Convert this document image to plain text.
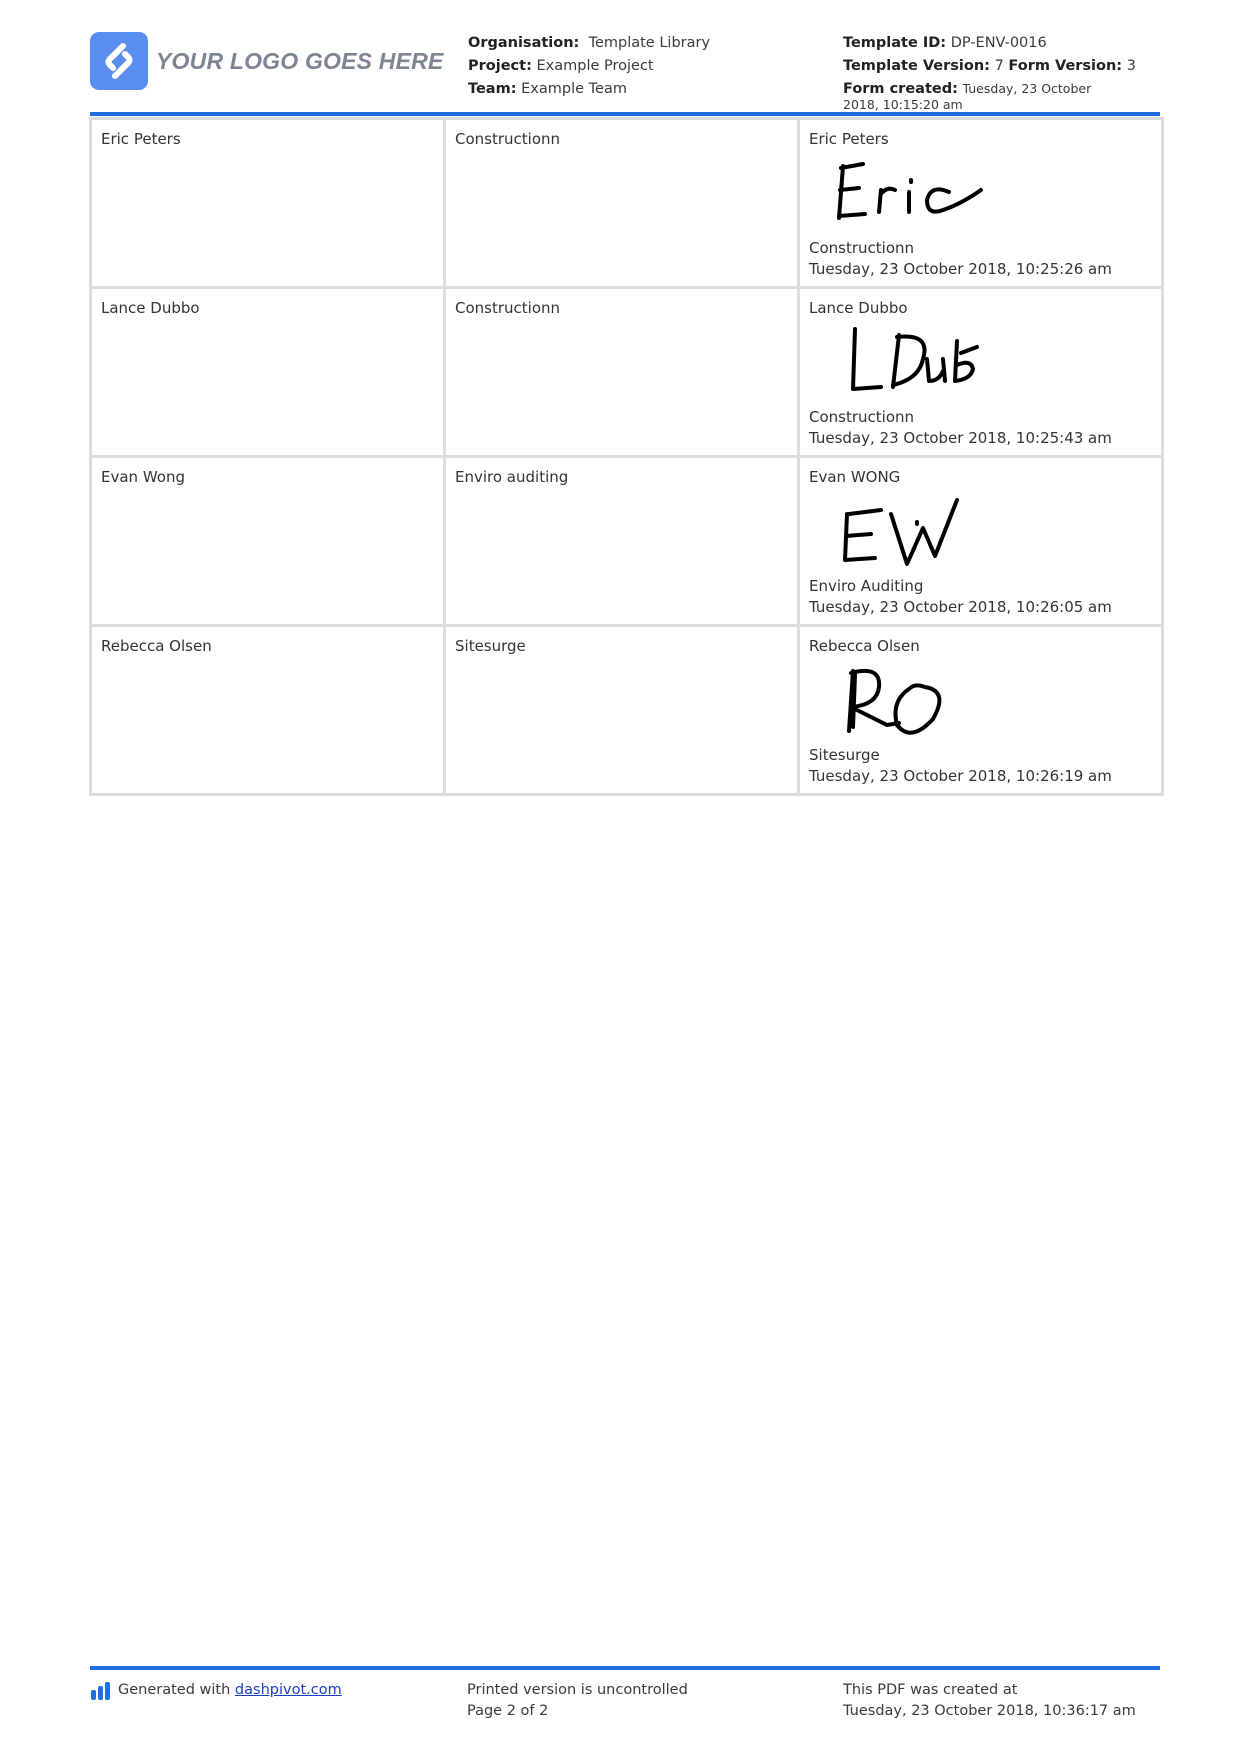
YOUR LOGO GOES HERE
Organisation: Template Library
Project: Example Project
Team: Example Team
Template ID: DP-ENV-0016
Template Version: 7 Form Version: 3
Form created: Tuesday, 23 October 2018, 10:15:20 am
Eric Peters	Constructionn	Eric Peters
Constructionn
Tuesday, 23 October 2018, 10:25:26 am

Lance Dubbo	Constructionn	Lance Dubbo
Constructionn
Tuesday, 23 October 2018, 10:25:43 am

Evan Wong	Enviro auditing	Evan WONG
Enviro Auditing
Tuesday, 23 October 2018, 10:26:05 am

Rebecca Olsen	Sitesurge	Rebecca Olsen
Sitesurge
Tuesday, 23 October 2018, 10:26:19 am
Generated with
dashpivot.com	Printed version is uncontrolled
Page 2 of 2
This PDF was created at
Tuesday, 23 October 2018, 10:36:17 am
